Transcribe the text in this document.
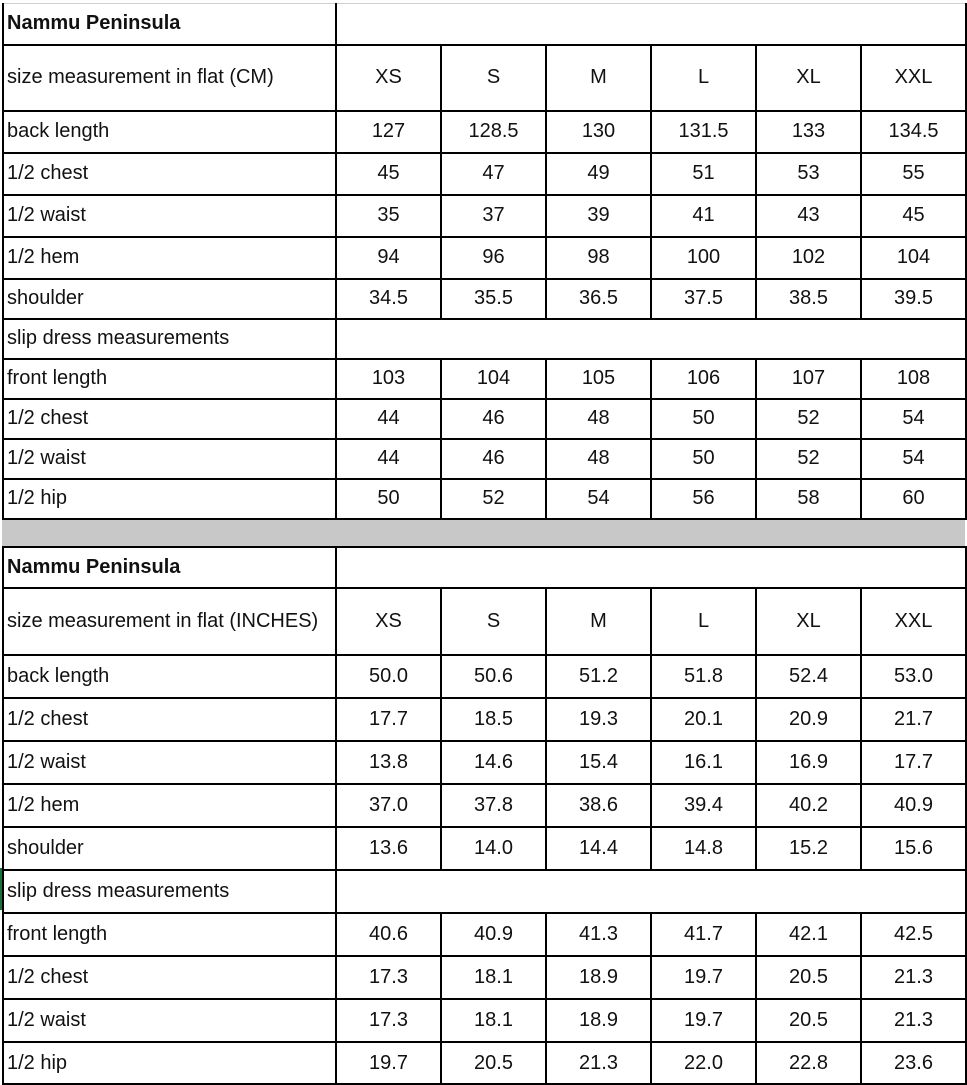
Nammu Peninsula						
size measurement in flat (CM)	XS	S	M	L	XL	XXL
back length	127	128.5	130	131.5	133	134.5
1/2 chest	45	47	49	51	53	55
1/2 waist	35	37	39	41	43	45
1/2 hem	94	96	98	100	102	104
shoulder	34.5	35.5	36.5	37.5	38.5	39.5
slip dress measurements						
front length	103	104	105	106	107	108
1/2 chest	44	46	48	50	52	54
1/2 waist	44	46	48	50	52	54
1/2 hip	50	52	54	56	58	60
Nammu Peninsula						
size measurement in flat (INCHES)	XS	S	M	L	XL	XXL
back length	50.0	50.6	51.2	51.8	52.4	53.0
1/2 chest	17.7	18.5	19.3	20.1	20.9	21.7
1/2 waist	13.8	14.6	15.4	16.1	16.9	17.7
1/2 hem	37.0	37.8	38.6	39.4	40.2	40.9
shoulder	13.6	14.0	14.4	14.8	15.2	15.6
slip dress measurements						
front length	40.6	40.9	41.3	41.7	42.1	42.5
1/2 chest	17.3	18.1	18.9	19.7	20.5	21.3
1/2 waist	17.3	18.1	18.9	19.7	20.5	21.3
1/2 hip	19.7	20.5	21.3	22.0	22.8	23.6
